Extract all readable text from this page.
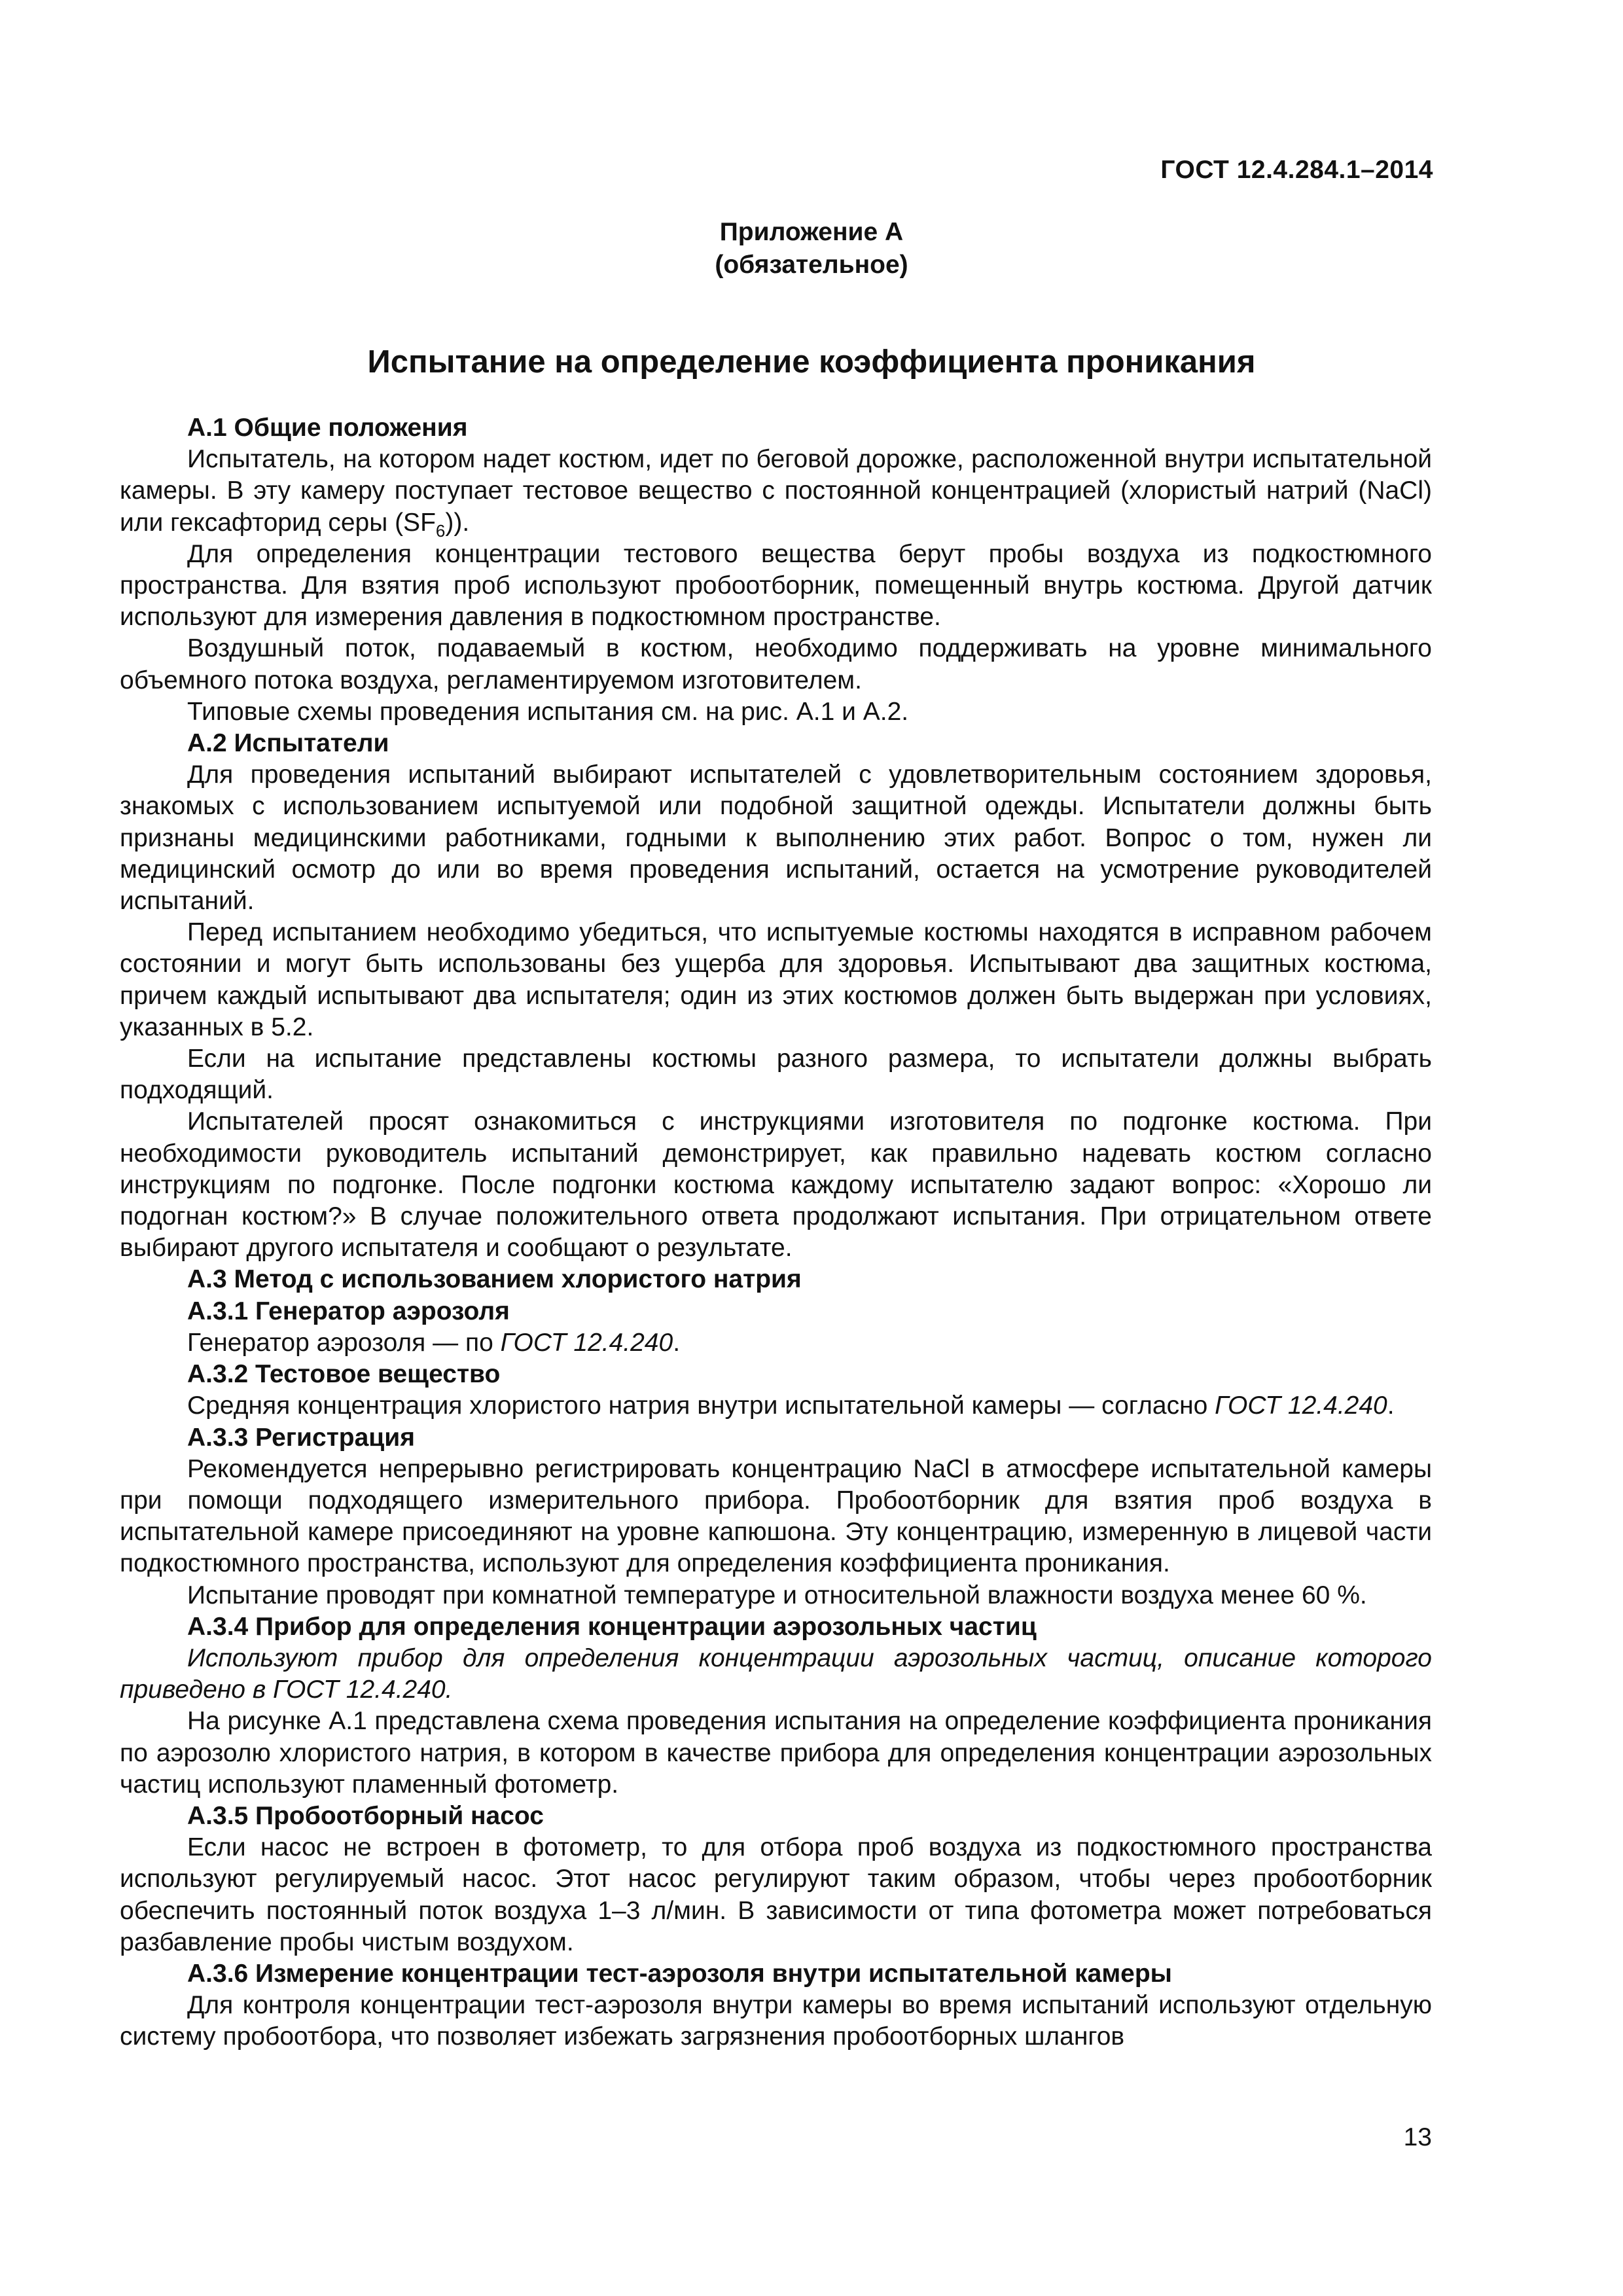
ГОСТ 12.4.284.1–2014
Приложение А
(обязательное)
Испытание на определение коэффициента проникания
А.1 Общие положения

Испытатель, на котором надет костюм, идет по беговой дорожке, расположенной внутри испытательной камеры. В эту камеру поступает тестовое вещество с постоянной концентрацией (хлористый натрий (NaCl) или гексафторид серы $(SF_6)$).

Для определения концентрации тестового вещества берут пробы воздуха из подкостюмного пространства. Для взятия проб используют пробоотборник, помещенный внутрь костюма. Другой датчик используют для измерения давления в подкостюмном пространстве.

Воздушный поток, подаваемый в костюм, необходимо поддерживать на уровне минимального объемного потока воздуха, регламентируемом изготовителем.

Типовые схемы проведения испытания см. на рис. А.1 и А.2.

А.2 Испытатели

Для проведения испытаний выбирают испытателей с удовлетворительным состоянием здоровья, знакомых с использованием испытуемой или подобной защитной одежды. Испытатели должны быть признаны медицинскими работниками, годными к выполнению этих работ. Вопрос о том, нужен ли медицинский осмотр до или во время проведения испытаний, остается на усмотрение руководителей испытаний.

Перед испытанием необходимо убедиться, что испытуемые костюмы находятся в исправном рабочем состоянии и могут быть использованы без ущерба для здоровья. Испытывают два защитных костюма, причем каждый испытывают два испытателя; один из этих костюмов должен быть выдержан при условиях, указанных в 5.2.

Если на испытание представлены костюмы разного размера, то испытатели должны выбрать подходящий.

Испытателей просят ознакомиться с инструкциями изготовителя по подгонке костюма. При необходимости руководитель испытаний демонстрирует, как правильно надевать костюм согласно инструкциям по подгонке. После подгонки костюма каждому испытателю задают вопрос: «Хорошо ли подогнан костюм?» В случае положительного ответа продолжают испытания. При отрицательном ответе выбирают другого испытателя и сообщают о результате.

А.3 Метод с использованием хлористого натрия
А.3.1 Генератор аэрозоля

Генератор аэрозоля — по ГОСТ 12.4.240.

А.3.2 Тестовое вещество

Средняя концентрация хлористого натрия внутри испытательной камеры — согласно ГОСТ 12.4.240.

А.3.3 Регистрация

Рекомендуется непрерывно регистрировать концентрацию NaCl в атмосфере испытательной камеры при помощи подходящего измерительного прибора. Пробоотборник для взятия проб воздуха в испытательной камере присоединяют на уровне капюшона. Эту концентрацию, измеренную в лицевой части подкостюмного пространства, используют для определения коэффициента проникания.

Испытание проводят при комнатной температуре и относительной влажности воздуха менее 60 %.

А.3.4 Прибор для определения концентрации аэрозольных частиц

Используют прибор для определения концентрации аэрозольных частиц, описание которого приведено в ГОСТ 12.4.240.

На рисунке А.1 представлена схема проведения испытания на определение коэффициента проникания по аэрозолю хлористого натрия, в котором в качестве прибора для определения концентрации аэрозольных частиц используют пламенный фотометр.

А.3.5 Пробоотборный насос

Если насос не встроен в фотометр, то для отбора проб воздуха из подкостюмного пространства используют регулируемый насос. Этот насос регулируют таким образом, чтобы через пробоотборник обеспечить постоянный поток воздуха 1–3 л/мин. В зависимости от типа фотометра может потребоваться разбавление пробы чистым воздухом.

А.3.6 Измерение концентрации тест-аэрозоля внутри испытательной камеры

Для контроля концентрации тест-аэрозоля внутри камеры во время испытаний используют отдельную систему пробоотбора, что позволяет избежать загрязнения пробоотборных шлангов

13
